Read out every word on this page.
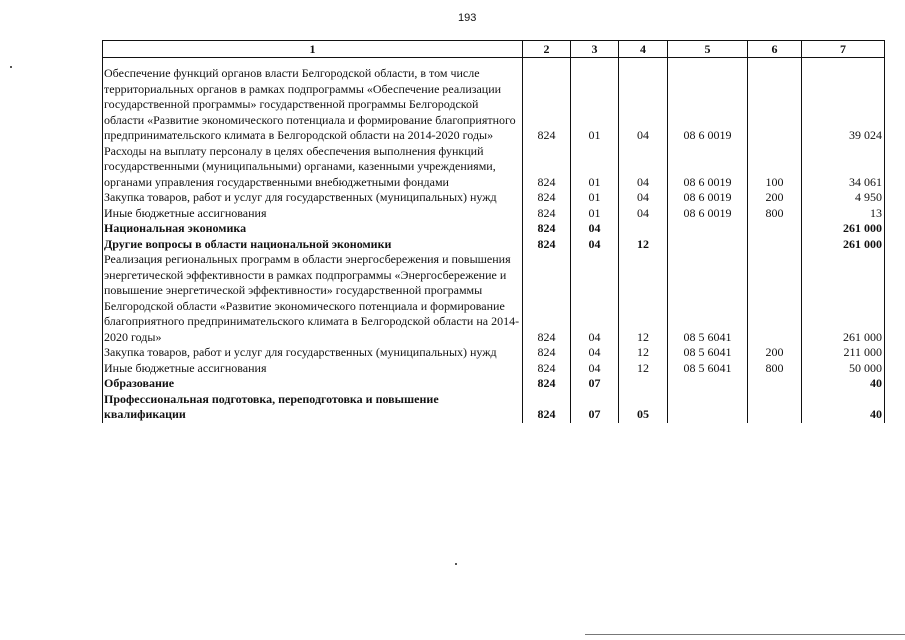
193
1	2	3	4	5	6	7

Обеспечение функций органов власти Белгородской области, в том числе территориальных органов в рамках подпрограммы «Обеспечение реализации государственной программы» государственной программы Белгородской области «Развитие экономического потенциала и формирование благоприятного предпринимательского климата в Белгородской области на 2014-2020 годы»	824	01	04	08 6 0019		39 024
Расходы на выплату персоналу в целях обеспечения выполнения функций государственными (муниципальными) органами, казенными учреждениями, органами управления государственными внебюджетными фондами	824	01	04	08 6 0019	100	34 061
Закупка товаров, работ и услуг для государственных (муниципальных) нужд	824	01	04	08 6 0019	200	4 950
Иные бюджетные ассигнования	824	01	04	08 6 0019	800	13
Национальная экономика	824	04				261 000
Другие вопросы в области национальной экономики	824	04	12			261 000
Реализация региональных программ в области энергосбережения и повышения энергетической эффективности в рамках подпрограммы «Энергосбережение и повышение энергетической эффективности» государственной программы Белгородской области «Развитие экономического потенциала и формирование благоприятного предпринимательского климата в Белгородской области на 2014-2020 годы»	824	04	12	08 5 6041		261 000
Закупка товаров, работ и услуг для государственных (муниципальных) нужд	824	04	12	08 5 6041	200	211 000
Иные бюджетные ассигнования	824	04	12	08 5 6041	800	50 000
Образование	824	07				40
Профессиональная подготовка, переподготовка и повышение квалификации	824	07	05			40
